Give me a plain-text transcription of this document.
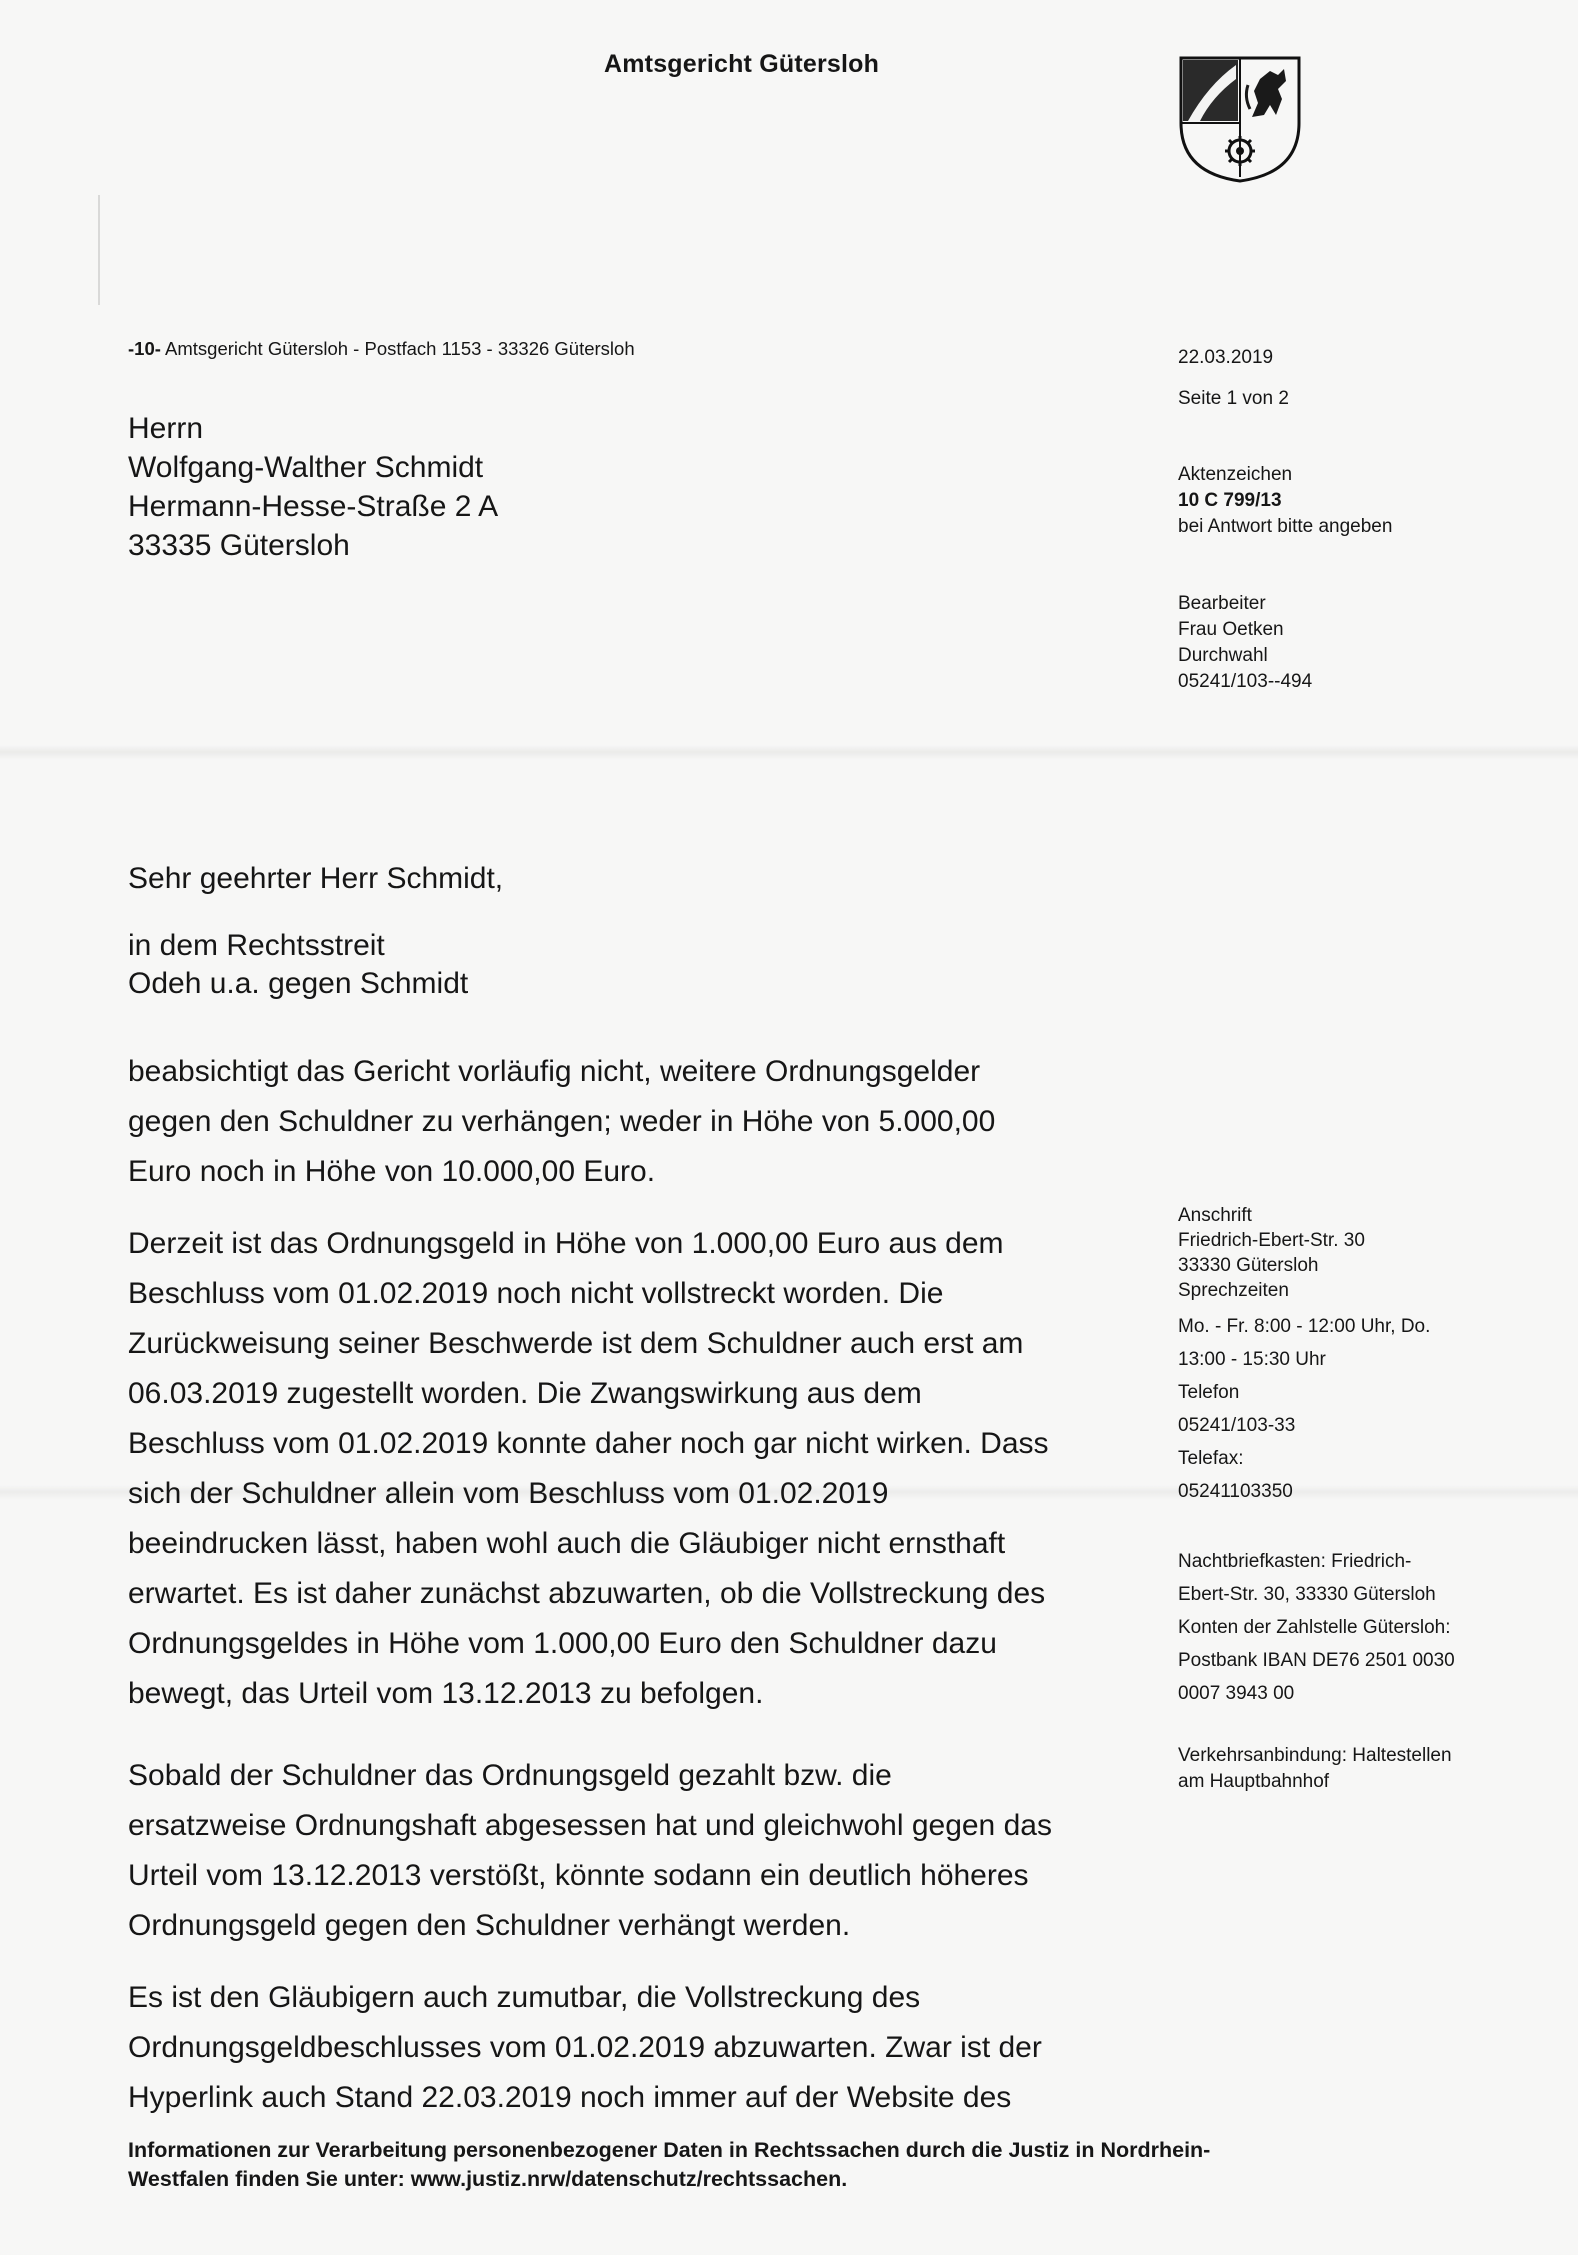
Amtsgericht Gütersloh
-10- Amtsgericht Gütersloh - Postfach 1153 - 33326 Gütersloh
Herrn
Wolfgang-Walther Schmidt
Hermann-Hesse-Straße 2 A
33335 Gütersloh
22.03.2019
Seite 1 von 2
Aktenzeichen
10 C 799/13
bei Antwort bitte angeben
Bearbeiter
Frau Oetken
Durchwahl
05241/103--494
Anschrift
Friedrich-Ebert-Str. 30
33330 Gütersloh
Sprechzeiten
Mo. - Fr. 8:00 - 12:00 Uhr, Do.
13:00 - 15:30 Uhr
Telefon
05241/103-33
Telefax:
05241103350
Nachtbriefkasten: Friedrich-
Ebert-Str. 30, 33330 Gütersloh
Konten der Zahlstelle Gütersloh:
Postbank IBAN DE76 2501 0030
0007 3943 00
Verkehrsanbindung: Haltestellen
am Hauptbahnhof
Sehr geehrter Herr Schmidt,
in dem Rechtsstreit
Odeh u.a. gegen Schmidt
beabsichtigt das Gericht vorläufig nicht, weitere Ordnungsgelder
gegen den Schuldner zu verhängen; weder in Höhe von 5.000,00
Euro noch in Höhe von 10.000,00 Euro.
Derzeit ist das Ordnungsgeld in Höhe von 1.000,00 Euro aus dem
Beschluss vom 01.02.2019 noch nicht vollstreckt worden. Die
Zurückweisung seiner Beschwerde ist dem Schuldner auch erst am
06.03.2019 zugestellt worden. Die Zwangswirkung aus dem
Beschluss vom 01.02.2019 konnte daher noch gar nicht wirken. Dass
sich der Schuldner allein vom Beschluss vom 01.02.2019
beeindrucken lässt, haben wohl auch die Gläubiger nicht ernsthaft
erwartet. Es ist daher zunächst abzuwarten, ob die Vollstreckung des
Ordnungsgeldes in Höhe vom 1.000,00 Euro den Schuldner dazu
bewegt, das Urteil vom 13.12.2013 zu befolgen.
Sobald der Schuldner das Ordnungsgeld gezahlt bzw. die
ersatzweise Ordnungshaft abgesessen hat und gleichwohl gegen das
Urteil vom 13.12.2013 verstößt, könnte sodann ein deutlich höheres
Ordnungsgeld gegen den Schuldner verhängt werden.
Es ist den Gläubigern auch zumutbar, die Vollstreckung des
Ordnungsgeldbeschlusses vom 01.02.2019 abzuwarten. Zwar ist der
Hyperlink auch Stand 22.03.2019 noch immer auf der Website des
Informationen zur Verarbeitung personenbezogener Daten in Rechtssachen durch die Justiz in Nordrhein-
Westfalen finden Sie unter: www.justiz.nrw/datenschutz/rechtssachen.
